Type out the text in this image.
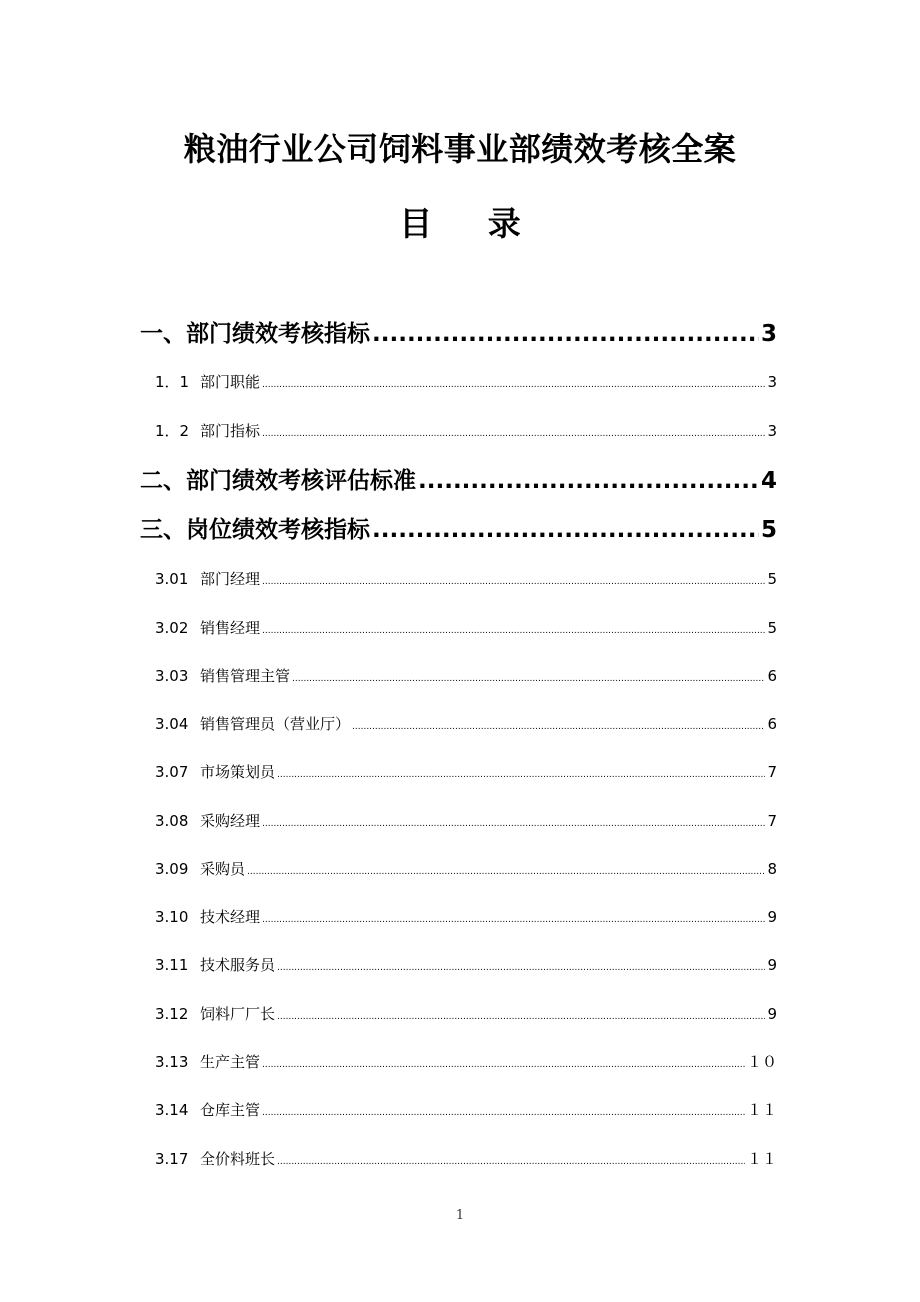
粮油行业公司饲料事业部绩效考核全案
目 录
一、 部门绩效考核指标 .....	3
1．1 部门职能 .....	3
1．2 部门指标 .....	3
二、 部门绩效考核评估标准 .....	4
三、 岗位绩效考核指标 .....	5
3.01 部门经理 .....	5
3.02 销售经理 .....	5
3.03 销售管理主管 .....	6
3.04 销售管理员（营业厅） .....	6
3.07 市场策划员 .....	7
3.08 采购经理 .....	7
3.09 采购员 .....	8
3.10 技术经理 .....	9
3.11 技术服务员 .....	9
3.12 饲料厂厂长 .....	9
3.13 生产主管 .....	１０
3.14 仓库主管 .....	１１
3.17 全价料班长 .....	１１
1
